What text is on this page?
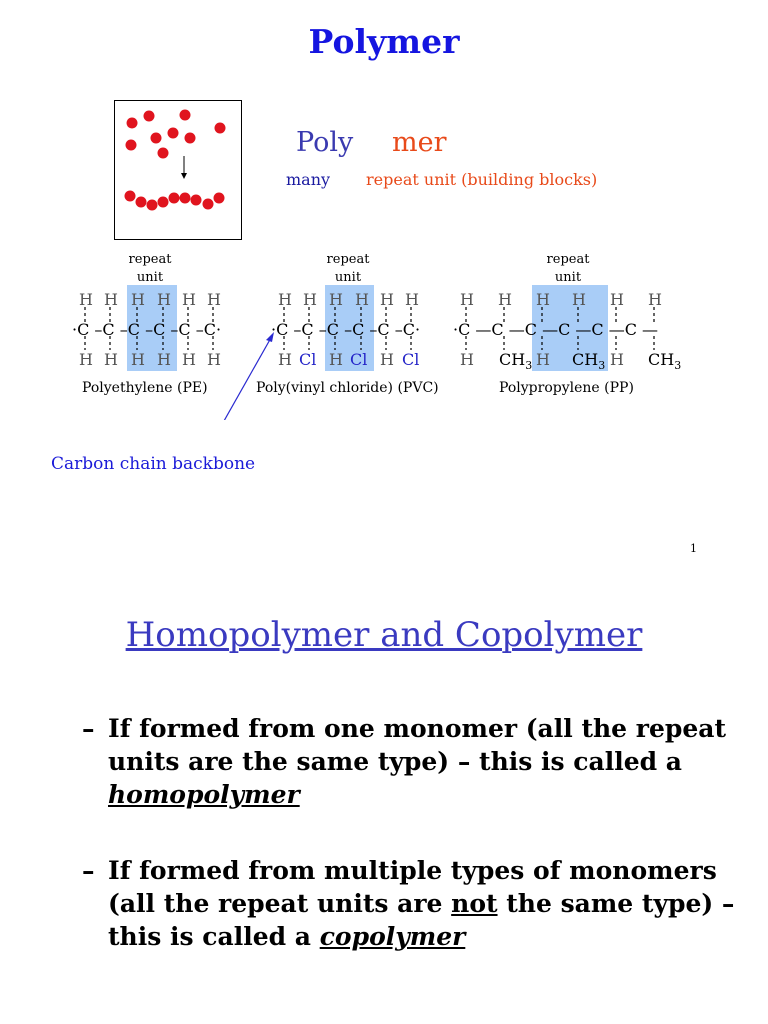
Polymer
Poly mer
many repeat unit (building blocks)
repeat
unit
repeat
unit
repeat
unit
H H H H H H
·C –C –C –C –C –C·
H H H H H H
Polyethylene (PE)
H H H H H H
·C –C –C –C –C –C·
H Cl H Cl H Cl
Poly(vinyl chloride) (PVC)
H H H H H H
·C —C —C —C —C —C —
H $CH_3$ H $CH_3$ H $CH_3$
Polypropylene (PP)
Carbon chain backbone
1
Homopolymer and Copolymer
– If formed from one monomer (all the repeat units are the same type) – this is called a homopolymer
– If formed from multiple types of monomers (all the repeat units are not the same type) – this is called a copolymer
